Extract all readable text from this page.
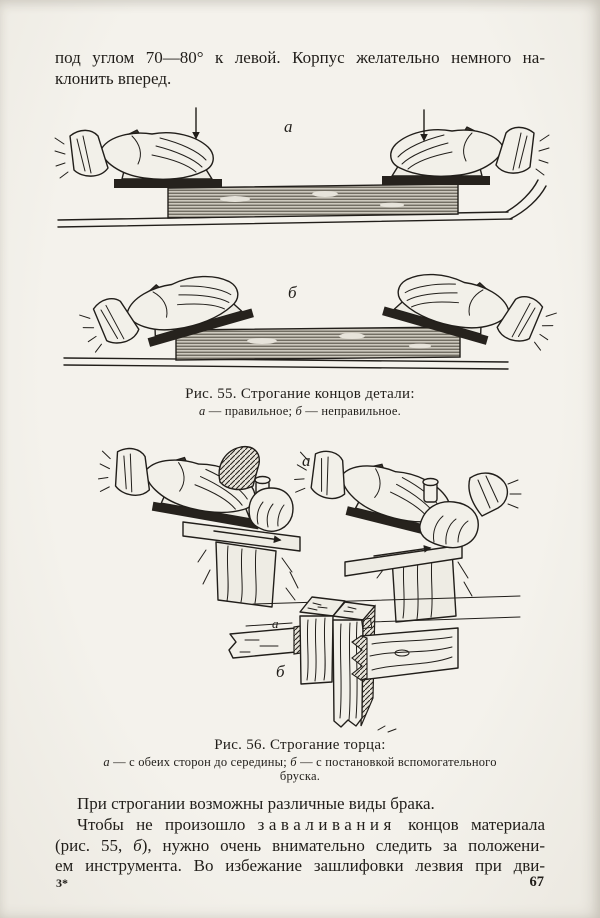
под углом 70—80° к левой. Корпус желательно немного на-
клонить вперед.
а
б
Рис. 55. Строгание концов детали:
а — правильное; б — неправильное.
а
а
б
Рис. 56. Строгание торца:
а — с обеих сторон до середины; б — с постановкой вспомогательного
бруска.
При строгании возможны различные виды брака.
Чтобы не произошло заваливания концов материала
(рис. 55, б), нужно очень внимательно следить за положени-
ем инструмента. Во избежание зашлифовки лезвия при дви-
3*	67
